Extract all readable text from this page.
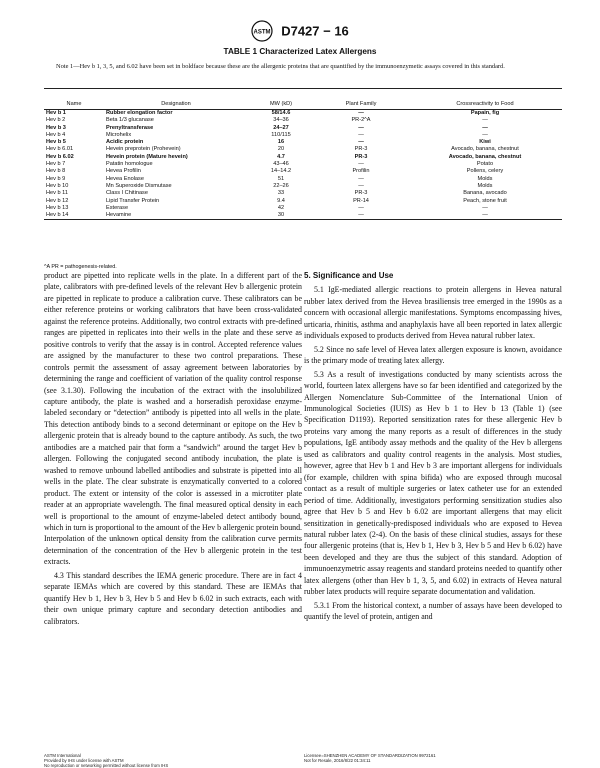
ASTM D7427 − 16
TABLE 1 Characterized Latex Allergens
Note 1—Hev b 1, 3, 5, and 6.02 have been set in boldface because these are the allergenic proteins that are quantified by the immunoenzymetic assays covered in this standard.
Name	Designation	MW (kD)	Plant Family	Crossreactivity to Food
Hev b 1	Rubber elongation factor	58/14.6	—	Papain, fig
Hev b 2	Beta 1/3 glucanase	34–36	PR-2^A	—
Hev b 3	Prenyltransferase	24–27	—	—
Hev b 4	Microhelix	110/115	—	—
Hev b 5	Acidic protein	16	—	Kiwi
Hev b 6.01	Hevein preprotein (Prohevein)	20	PR-3	Avocado, banana, chestnut
Hev b 6.02	Hevein protein (Mature hevein)	4.7	PR-3	Avocado, banana, chestnut
Hev b 7	Patatin homologue	43–46	—	Potato
Hev b 8	Hevea Profilin	14–14.2	Profilin	Pollens, celery
Hev b 9	Hevea Enolase	51	—	Molds
Hev b 10	Mn Superoxide Dismutase	22–26	—	Molds
Hev b 11	Class I Chitinase	33	PR-3	Banana, avocado
Hev b 12	Lipid Transfer Protein	9.4	PR-14	Peach, stone fruit
Hev b 13	Esterase	42	—	—
Hev b 14	Hevamine	30	—	—
^A PR = pathogenesis-related.

product are pipetted into replicate wells in the plate. In a different part of the plate, calibrators with pre-defined levels of the relevant Hev b allergenic protein are pipetted in replicate to produce a calibration curve. These calibrators can be either reference proteins or working calibrators that have been cross-validated against the reference proteins. Additionally, two control extracts with pre-defined ranges are pipetted in replicates into their wells in the plate and these serve as positive controls to verify that the assay is in control. Accepted reference values are assigned by the manufacturer to these two control preparations. These controls permit the assessment of assay agreement between laboratories by determining the range and coefficient of variation of the quality control response (see 3.1.30). Following the incubation of the extract with the insolubilized capture antibody, the plate is washed and a horseradish peroxidase enzyme-labeled secondary or “detection” antibody is pipetted into all wells in the plate. This detection antibody binds to a second determinant or epitope on the Hev b allergenic protein that is already bound to the capture antibody. As such, the two antibodies are a matched pair that form a “sandwich” around the target Hev b allergen. Following the conjugated second antibody incubation, the plate is washed to remove unbound labelled antibodies and substrate is pipetted into all wells in the plate. The clear substrate is enzymatically converted to a colored product. The extent or intensity of the color is assessed in a microtiter plate reader at an appropriate wavelength. The final measured optical density in each well is proportional to the amount of enzyme-labeled detect antibody bound, which in turn is proportional to the amount of the Hev b allergenic protein bound. Interpolation of the unknown optical density from the calibration curve permits determination of the concentration of the Hev b allergenic protein in the test extracts.

4.3 This standard describes the IEMA generic procedure. There are in fact 4 separate IEMAs which are covered by this standard. These are IEMAs that quantify Hev b 1, Hev b 3, Hev b 5 and Hev b 6.02 in such extracts, each with their own unique primary capture and secondary detection antibodies and calibrators.

5. Significance and Use

5.1 IgE-mediated allergic reactions to protein allergens in Hevea natural rubber latex derived from the Hevea brasiliensis tree emerged in the 1990s as a concern with occasional allergic manifestations. Symptoms encompassing hives, urticaria, rhinitis, asthma and anaphylaxis have all been reported in latex allergic individuals exposed to products derived from Hevea natural rubber latex.

5.2 Since no safe level of Hevea latex allergen exposure is known, avoidance is the primary mode of treating latex allergy.

5.3 As a result of investigations conducted by many scientists across the world, fourteen latex allergens have so far been identified and categorized by the Allergen Nomenclature Sub-Committee of the International Union of Immunological Societies (IUIS) as Hev b 1 to Hev b 13 (Table 1) (see Specification D1193). Reported sensitization rates for these allergenic Hev b proteins vary among the many reports as a result of differences in the study populations, IgE antibody assay methods and the quality of the Hev b allergens used as calibrators and quality control reagents in the analysis. Most studies, however, agree that Hev b 1 and Hev b 3 are important allergens for individuals (for example, children with spina bifida) who are exposed through mucosal contact as a result of multiple surgeries or latex catheter use for an extended period of time. Additionally, investigators performing sensitization studies also agree that Hev b 5 and Hev b 6.02 are important allergens that may elicit sensitization in genetically-predisposed individuals who are exposed to Hevea natural rubber latex (2-4). On the basis of these clinical studies, assays for these four allergenic proteins (that is, Hev b 1, Hev b 3, Hev b 5 and Hev b 6.02) have been developed and they are thus the subject of this standard. Adoption of immunoenzymetric assay reagents and standard proteins needed to quantify other latex allergens (other than Hev b 1, 3, 5, and 6.02) in extracts of Hevea natural rubber latex products will require separate documentation and validation.

5.3.1 From the historical context, a number of assays have been developed to quantify the level of protein, antigen and

ASTM International
Provided by IHS under license with ASTM
No reproduction or networking permitted without license from IHS
Licensee=SHENZHEN ACADEMY OF STANDARDIZATION 9972161
Not for Resale, 2016/8/22 01:34:11
